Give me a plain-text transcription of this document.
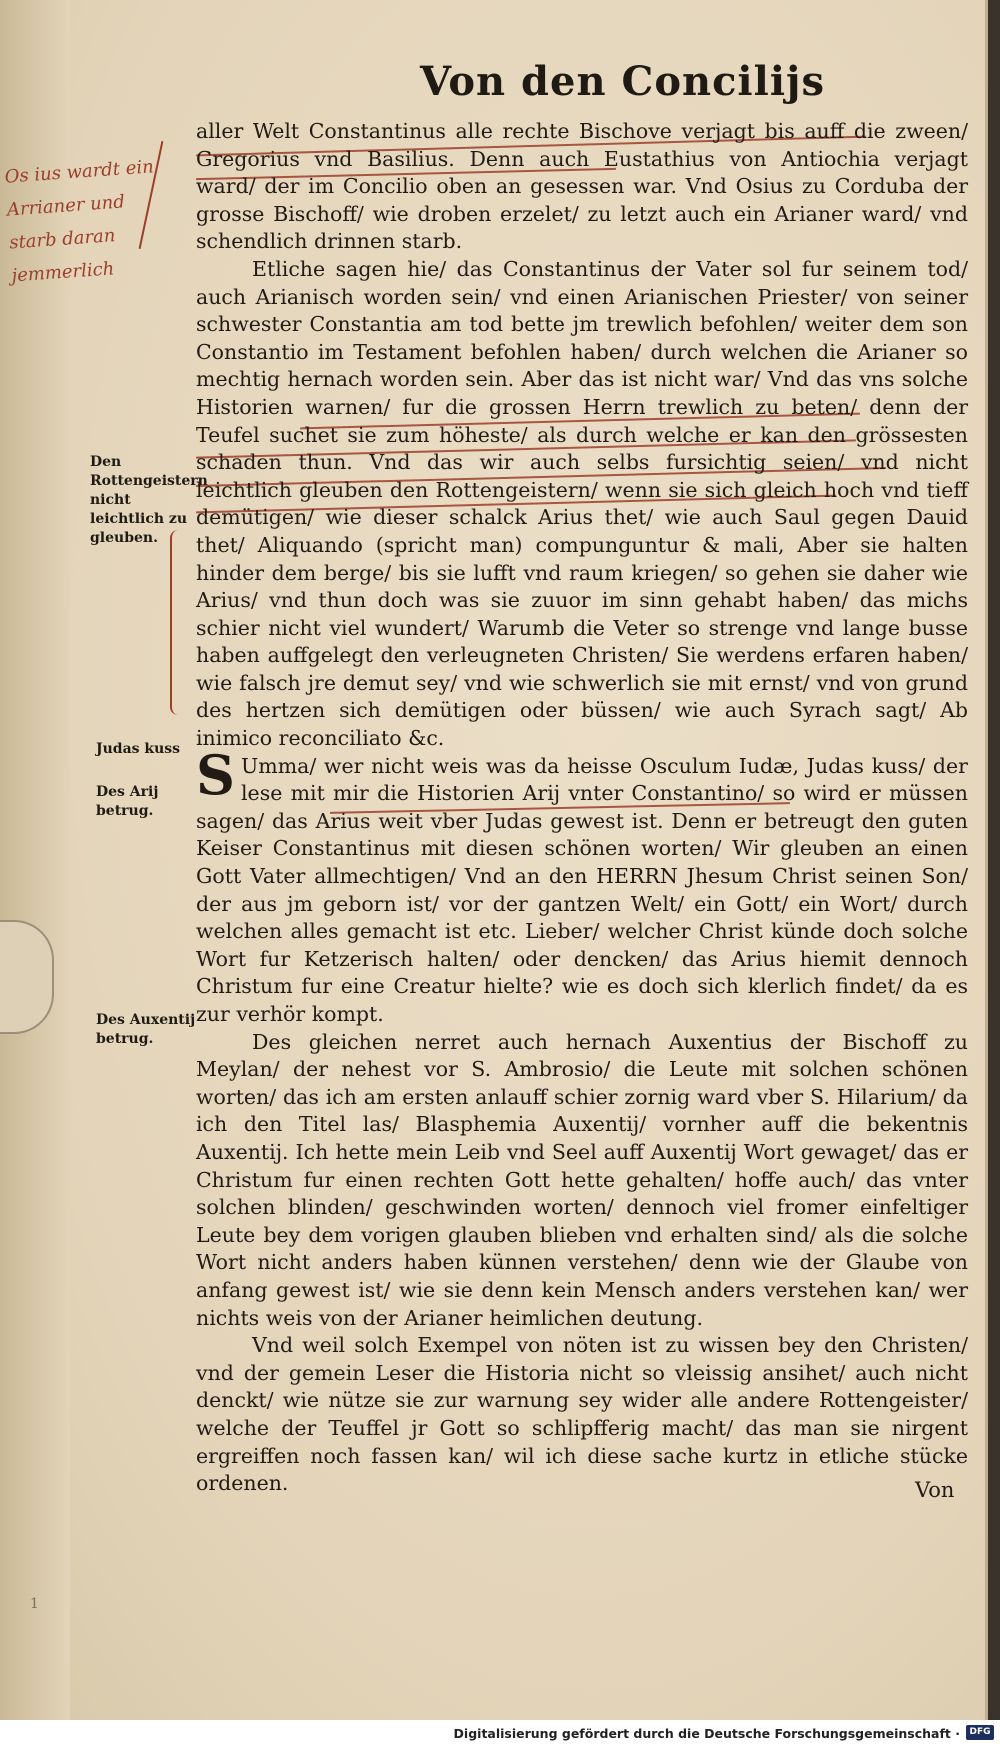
Von den Concilijs
Os ius wardt ein Arrianer und starb daran jemmerlich
Den Rottengeistern nicht leichtlich zu gleuben.
Judas kuss
Des Arij betrug.
Des Auxentij betrug.

aller Welt Constantinus alle rechte Bischove verjagt bis auff die zween/ Gregorius vnd Basilius. Denn auch Eustathius von Antiochia verjagt ward/ der im Concilio oben an gesessen war. Vnd Osius zu Corduba der grosse Bischoff/ wie droben erzelet/ zu letzt auch ein Arianer ward/ vnd schendlich drinnen starb.

Etliche sagen hie/ das Constantinus der Vater sol fur seinem tod/ auch Arianisch worden sein/ vnd einen Arianischen Priester/ von seiner schwester Constantia am tod bette jm trewlich befohlen/ weiter dem son Constantio im Testament befohlen haben/ durch welchen die Arianer so mechtig hernach worden sein. Aber das ist nicht war/ Vnd das vns solche Historien warnen/ fur die grossen Herrn trewlich zu beten/ denn der Teufel suchet sie zum höheste/ als durch welche er kan den grössesten schaden thun. Vnd das wir auch selbs fursichtig seien/ vnd nicht leichtlich gleuben den Rottengeistern/ wenn sie sich gleich hoch vnd tieff demütigen/ wie dieser schalck Arius thet/ wie auch Saul gegen Dauid thet/ Aliquando (spricht man) compunguntur & mali, Aber sie halten hinder dem berge/ bis sie lufft vnd raum kriegen/ so gehen sie daher wie Arius/ vnd thun doch was sie zuuor im sinn gehabt haben/ das michs schier nicht viel wundert/ Warumb die Veter so strenge vnd lange busse haben auffgelegt den verleugneten Christen/ Sie werdens erfaren haben/ wie falsch jre demut sey/ vnd wie schwerlich sie mit ernst/ vnd von grund des hertzen sich demütigen oder büssen/ wie auch Syrach sagt/ Ab inimico reconciliato &c.

S Umma/ wer nicht weis was da heisse Osculum Iudæ, Judas kuss/ der lese mit mir die Historien Arij vnter Constantino/ so wird er müssen sagen/ das Arius weit vber Judas gewest ist. Denn er betreugt den guten Keiser Constantinus mit diesen schönen worten/ Wir gleuben an einen Gott Vater allmechtigen/ Vnd an den HERRN Jhesum Christ seinen Son/ der aus jm geborn ist/ vor der gantzen Welt/ ein Gott/ ein Wort/ durch welchen alles gemacht ist etc. Lieber/ welcher Christ künde doch solche Wort fur Ketzerisch halten/ oder dencken/ das Arius hiemit dennoch Christum fur eine Creatur hielte? wie es doch sich klerlich findet/ da es zur verhör kompt.

Des gleichen nerret auch hernach Auxentius der Bischoff zu Meylan/ der nehest vor S. Ambrosio/ die Leute mit solchen schönen worten/ das ich am ersten anlauff schier zornig ward vber S. Hilarium/ da ich den Titel las/ Blasphemia Auxentij/ vornher auff die bekentnis Auxentij. Ich hette mein Leib vnd Seel auff Auxentij Wort gewaget/ das er Christum fur einen rechten Gott hette gehalten/ hoffe auch/ das vnter solchen blinden/ geschwinden worten/ dennoch viel fromer einfeltiger Leute bey dem vorigen glauben blieben vnd erhalten sind/ als die solche Wort nicht anders haben künnen verstehen/ denn wie der Glaube von anfang gewest ist/ wie sie denn kein Mensch anders verstehen kan/ wer nichts weis von der Arianer heimlichen deutung.

Vnd weil solch Exempel von nöten ist zu wissen bey den Christen/ vnd der gemein Leser die Historia nicht so vleissig ansihet/ auch nicht denckt/ wie nütze sie zur warnung sey wider alle andere Rottengeister/ welche der Teuffel jr Gott so schlipfferig macht/ das man sie nirgent ergreiffen noch fassen kan/ wil ich diese sache kurtz in etliche stücke ordenen.	Von
1
Digitalisierung gefördert durch die Deutsche Forschungsgemeinschaft ·	DFG
